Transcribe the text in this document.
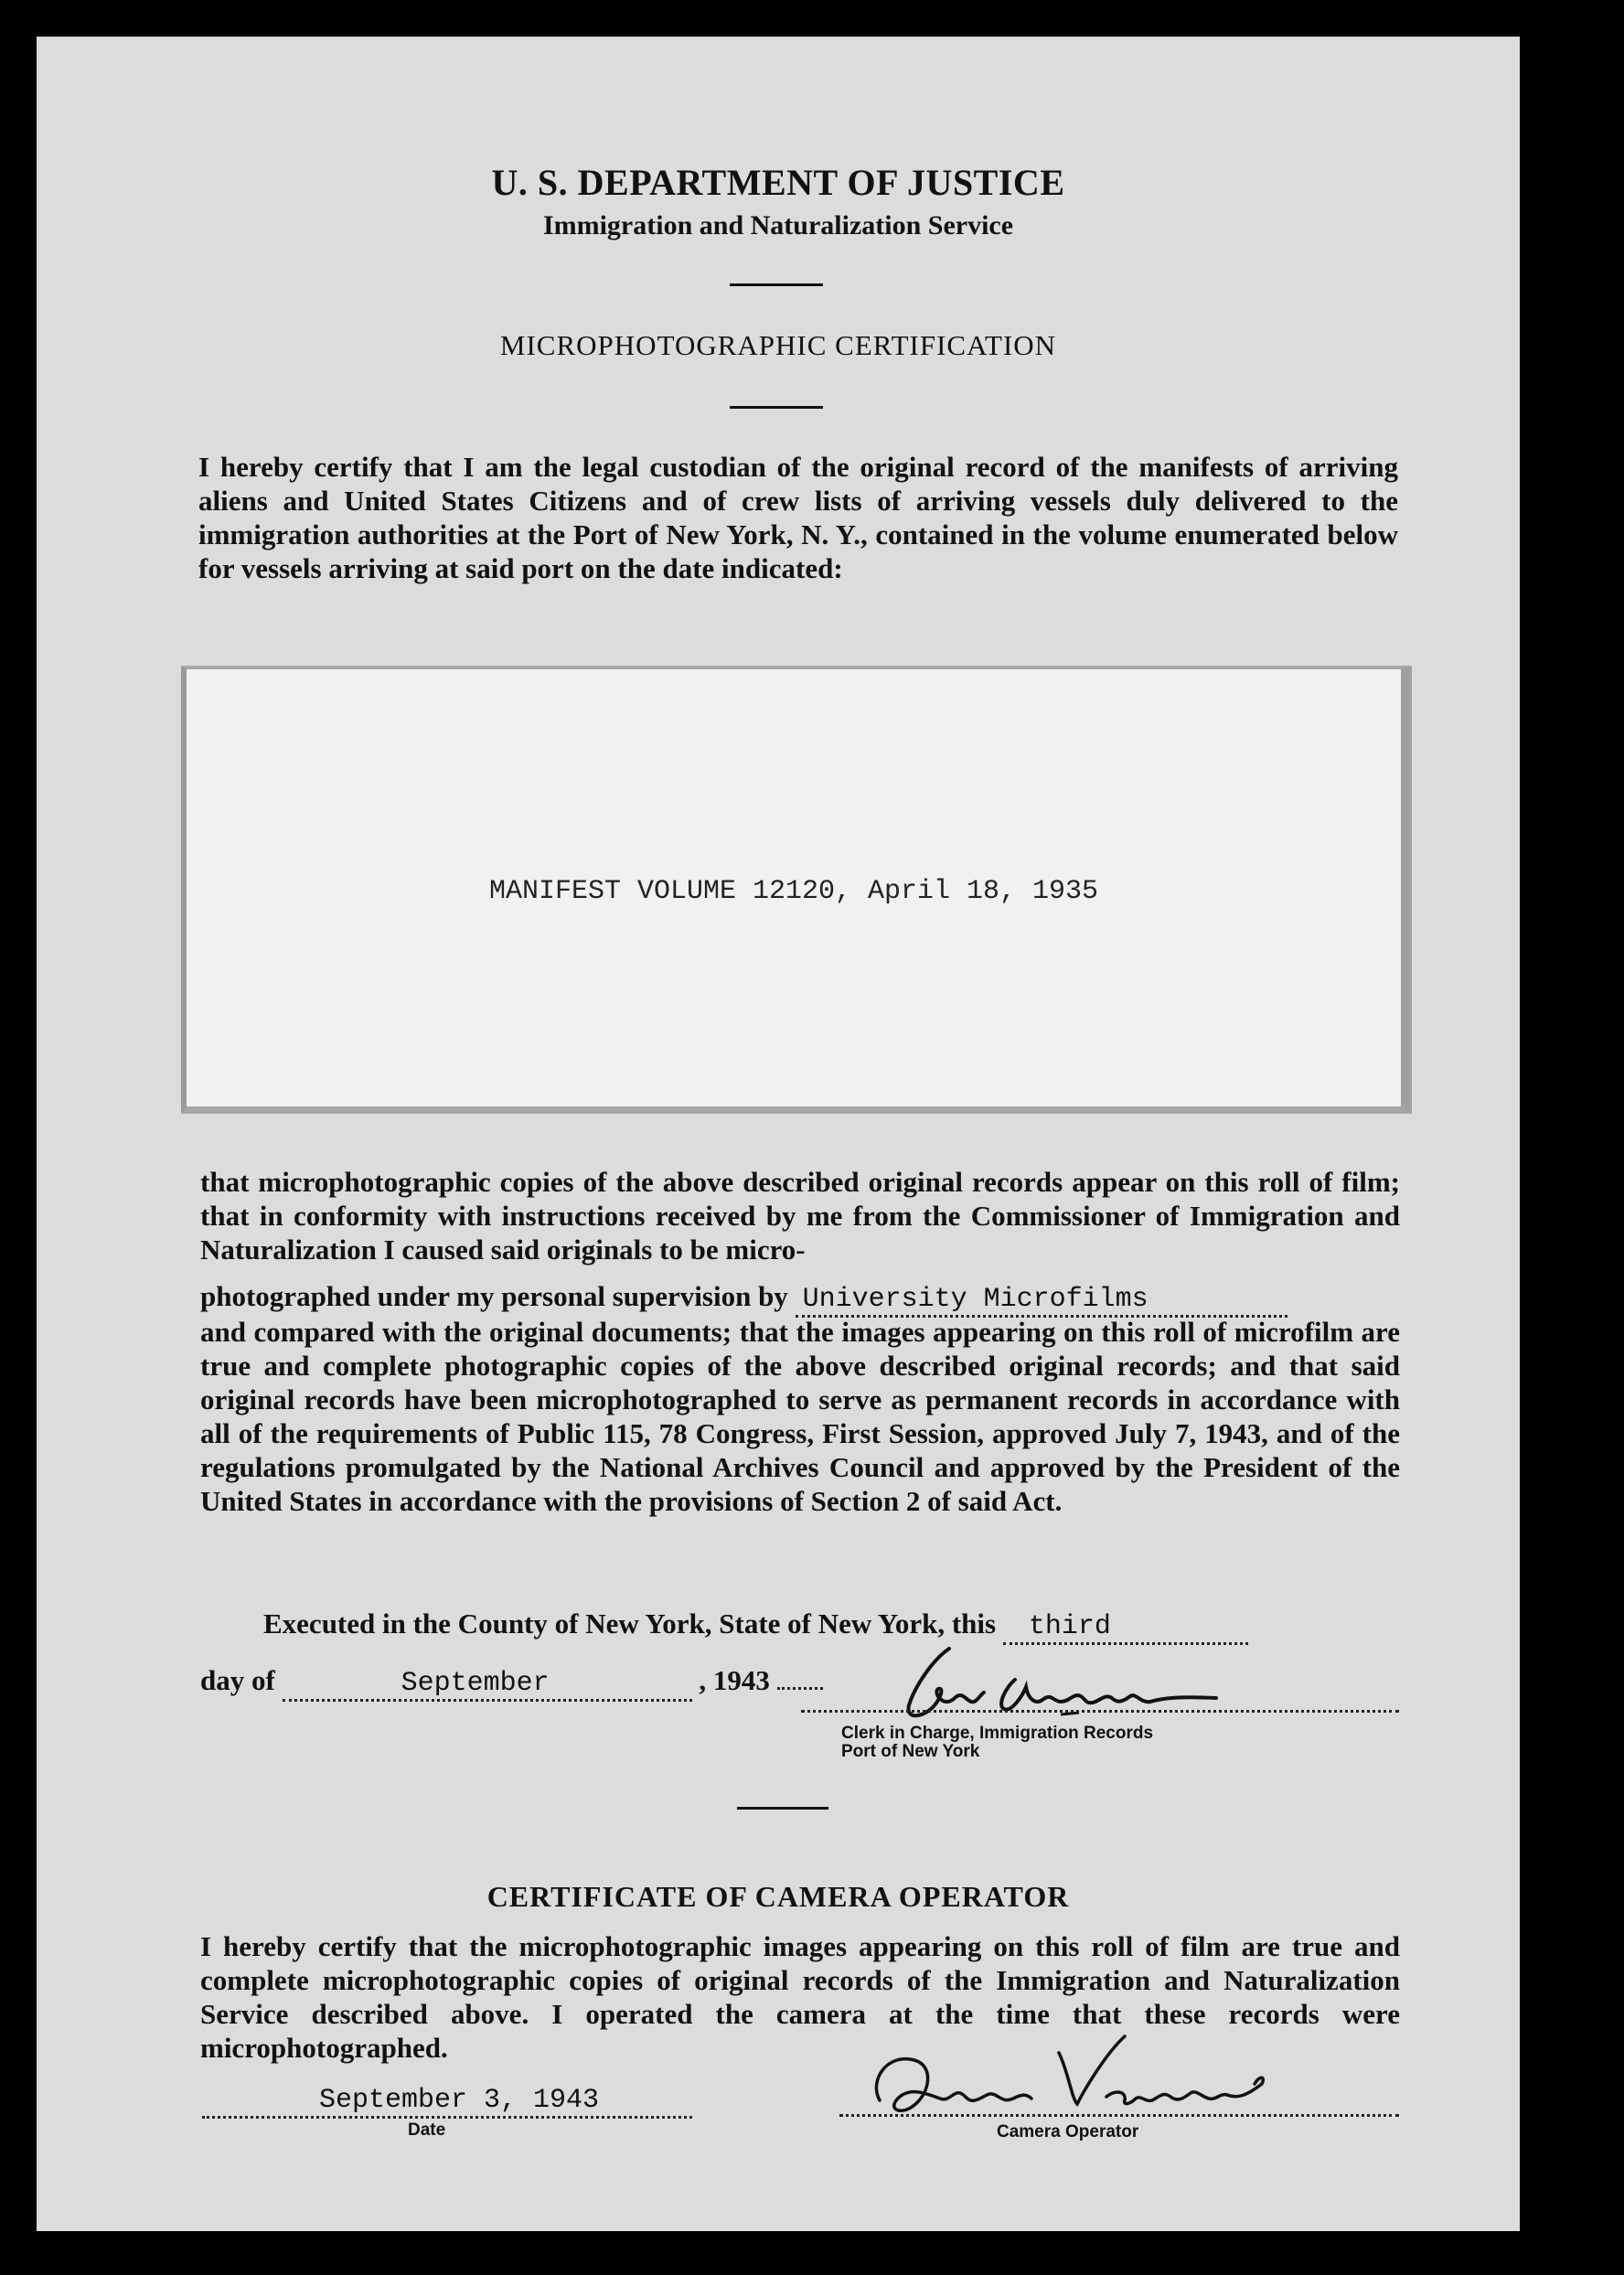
U. S. DEPARTMENT OF JUSTICE
Immigration and Naturalization Service
MICROPHOTOGRAPHIC CERTIFICATION
I hereby certify that I am the legal custodian of the original record of the manifests of arriving aliens and United States Citizens and of crew lists of arriving vessels duly delivered to the immigration authorities at the Port of New York, N. Y., contained in the volume enumerated below for vessels arriving at said port on the date indicated:
MANIFEST VOLUME 12120, April 18, 1935
that microphotographic copies of the above described original records appear on this roll of film; that in conformity with instructions received by me from the Commissioner of Immigration and Naturalization I caused said originals to be micro-
photographed under my personal supervision by University Microfilms
and compared with the original documents; that the images appearing on this roll of microfilm are true and complete photographic copies of the above described original records; and that said original records have been microphotographed to serve as permanent records in accordance with all of the requirements of Public 115, 78 Congress, First Session, approved July 7, 1943, and of the regulations promulgated by the National Archives Council and approved by the President of the United States in accordance with the provisions of Section 2 of said Act.
Executed in the County of New York, State of New York, this third
day of	September	, 1943
Clerk in Charge, Immigration Records
Port of New York
CERTIFICATE OF CAMERA OPERATOR
I hereby certify that the microphotographic images appearing on this roll of film are true and complete microphotographic copies of original records of the Immigration and Naturalization Service described above. I operated the camera at the time that these records were microphotographed.
September 3, 1943
Date	Camera Operator
